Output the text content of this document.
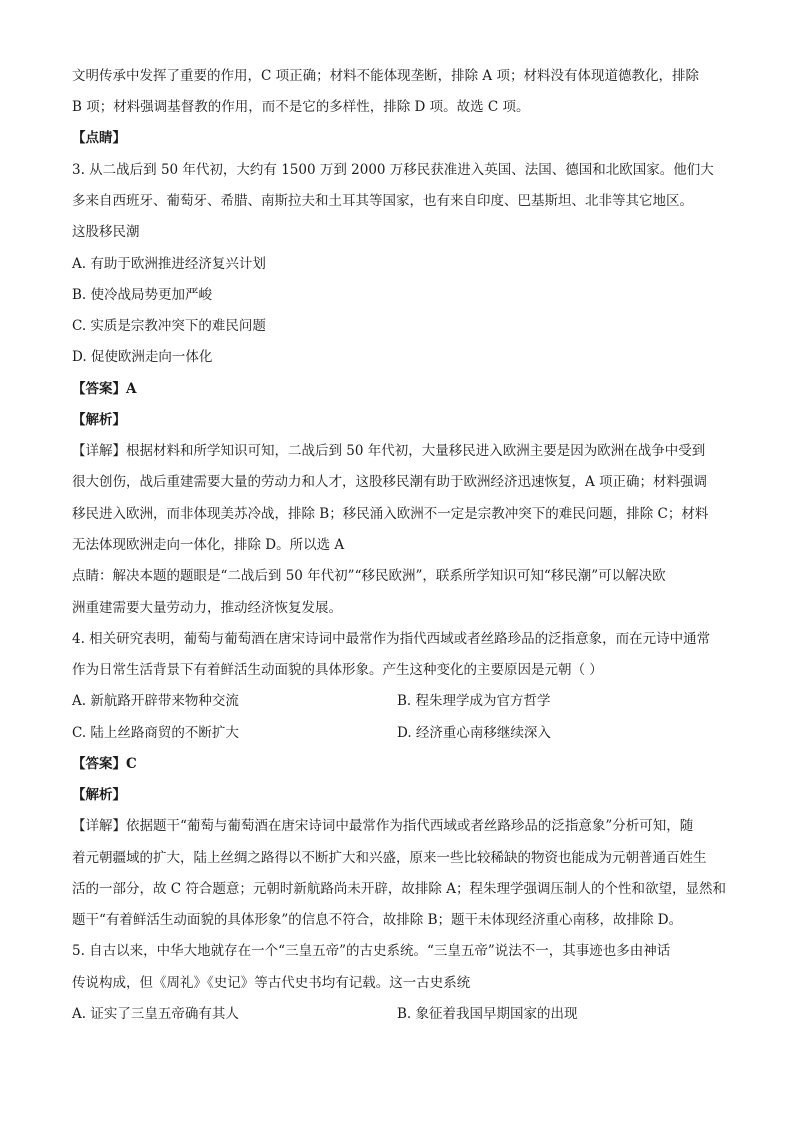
文明传承中发挥了重要的作用，C 项正确；材料不能体现垄断，排除 A 项；材料没有体现道德教化，排除
B 项；材料强调基督教的作用，而不是它的多样性，排除 D 项。故选 C 项。
【点睛】
3. 从二战后到 50 年代初，大约有 1500 万到 2000 万移民获准进入英国、法国、德国和北欧国家。他们大
多来自西班牙、葡萄牙、希腊、南斯拉夫和土耳其等国家，也有来自印度、巴基斯坦、北非等其它地区。
这股移民潮
A. 有助于欧洲推进经济复兴计划
B. 使冷战局势更加严峻
C. 实质是宗教冲突下的难民问题
D. 促使欧洲走向一体化
【答案】A
【解析】
【详解】根据材料和所学知识可知，二战后到 50 年代初，大量移民进入欧洲主要是因为欧洲在战争中受到
很大创伤，战后重建需要大量的劳动力和人才，这股移民潮有助于欧洲经济迅速恢复，A 项正确；材料强调
移民进入欧洲，而非体现美苏冷战，排除 B；移民涌入欧洲不一定是宗教冲突下的难民问题，排除 C；材料
无法体现欧洲走向一体化，排除 D。所以选 A
点睛：解决本题的题眼是“二战后到 50 年代初”“移民欧洲”，联系所学知识可知“移民潮”可以解决欧
洲重建需要大量劳动力，推动经济恢复发展。
4. 相关研究表明，葡萄与葡萄酒在唐宋诗词中最常作为指代西域或者丝路珍品的泛指意象，而在元诗中通常
作为日常生活背景下有着鲜活生动面貌的具体形象。产生这种变化的主要原因是元朝（ ）
A. 新航路开辟带来物种交流	B. 程朱理学成为官方哲学
C. 陆上丝路商贸的不断扩大	D. 经济重心南移继续深入
【答案】C
【解析】
【详解】依据题干“葡萄与葡萄酒在唐宋诗词中最常作为指代西域或者丝路珍品的泛指意象”分析可知，随
着元朝疆域的扩大，陆上丝绸之路得以不断扩大和兴盛，原来一些比较稀缺的物资也能成为元朝普通百姓生
活的一部分，故 C 符合题意；元朝时新航路尚未开辟，故排除 A；程朱理学强调压制人的个性和欲望，显然和
题干“有着鲜活生动面貌的具体形象”的信息不符合，故排除 B；题干未体现经济重心南移，故排除 D。
5. 自古以来，中华大地就存在一个“三皇五帝”的古史系统。“三皇五帝”说法不一，其事迹也多由神话
传说构成，但《周礼》《史记》等古代史书均有记载。这一古史系统
A. 证实了三皇五帝确有其人	B. 象征着我国早期国家的出现
